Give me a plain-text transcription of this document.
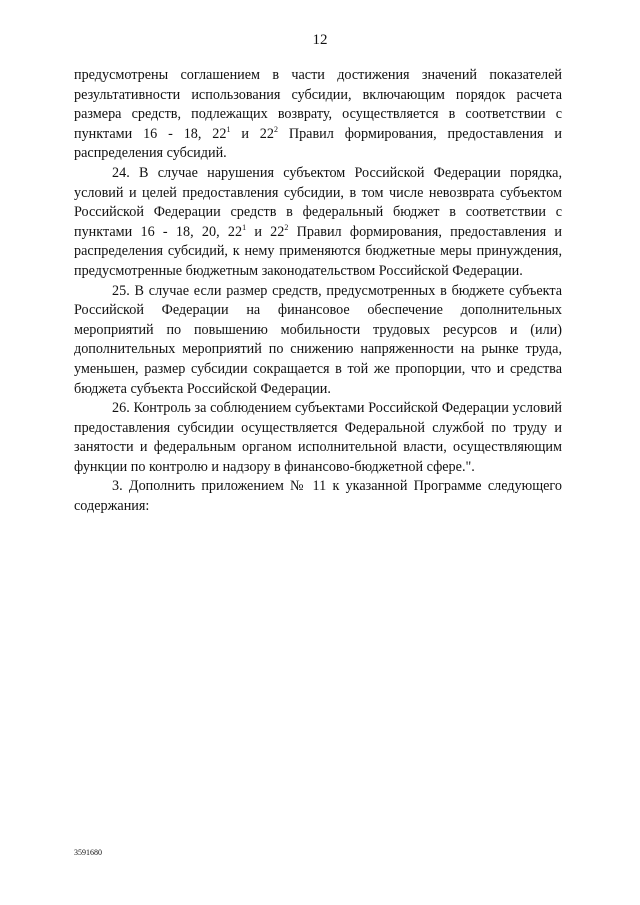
12

предусмотрены соглашением в части достижения значений показателей результативности использования субсидии, включающим порядок расчета размера средств, подлежащих возврату, осуществляется в соответствии с пунктами 16 - 18, $22^1$ и $22^2$ Правил формирования, предоставления и распределения субсидий.

24. В случае нарушения субъектом Российской Федерации порядка, условий и целей предоставления субсидии, в том числе невозврата субъектом Российской Федерации средств в федеральный бюджет в соответствии с пунктами 16 - 18, 20, $22^1$ и $22^2$ Правил формирования, предоставления и распределения субсидий, к нему применяются бюджетные меры принуждения, предусмотренные бюджетным законодательством Российской Федерации.

25. В случае если размер средств, предусмотренных в бюджете субъекта Российской Федерации на финансовое обеспечение дополнительных мероприятий по повышению мобильности трудовых ресурсов и (или) дополнительных мероприятий по снижению напряженности на рынке труда, уменьшен, размер субсидии сокращается в той же пропорции, что и средства бюджета субъекта Российской Федерации.

26. Контроль за соблюдением субъектами Российской Федерации условий предоставления субсидии осуществляется Федеральной службой по труду и занятости и федеральным органом исполнительной власти, осуществляющим функции по контролю и надзору в финансово-бюджетной сфере.".

3. Дополнить приложением № 11 к указанной Программе следующего содержания:

3591680
